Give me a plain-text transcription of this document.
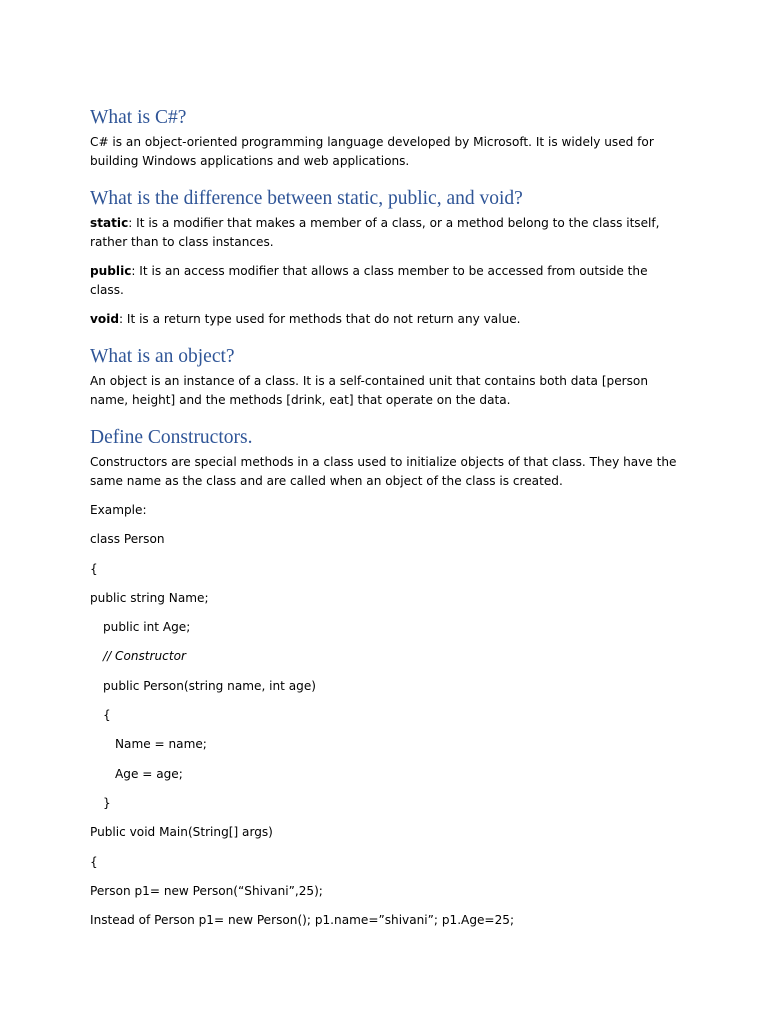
What is C#?

C# is an object-oriented programming language developed by Microsoft. It is widely used for building Windows applications and web applications.

What is the difference between static, public, and void?

static: It is a modifier that makes a member of a class, or a method belong to the class itself, rather than to class instances.

public: It is an access modifier that allows a class member to be accessed from outside the class.

void: It is a return type used for methods that do not return any value.

What is an object?

An object is an instance of a class. It is a self-contained unit that contains both data [person name, height] and the methods [drink, eat] that operate on the data.

Define Constructors.

Constructors are special methods in a class used to initialize objects of that class. They have the same name as the class and are called when an object of the class is created.

Example:

class Person

{

public string Name;

public int Age;

// Constructor

public Person(string name, int age)

{

Name = name;

Age = age;

}

Public void Main(String[] args)

{

Person p1= new Person(“Shivani”,25);

Instead of Person p1= new Person(); p1.name=”shivani”; p1.Age=25;
